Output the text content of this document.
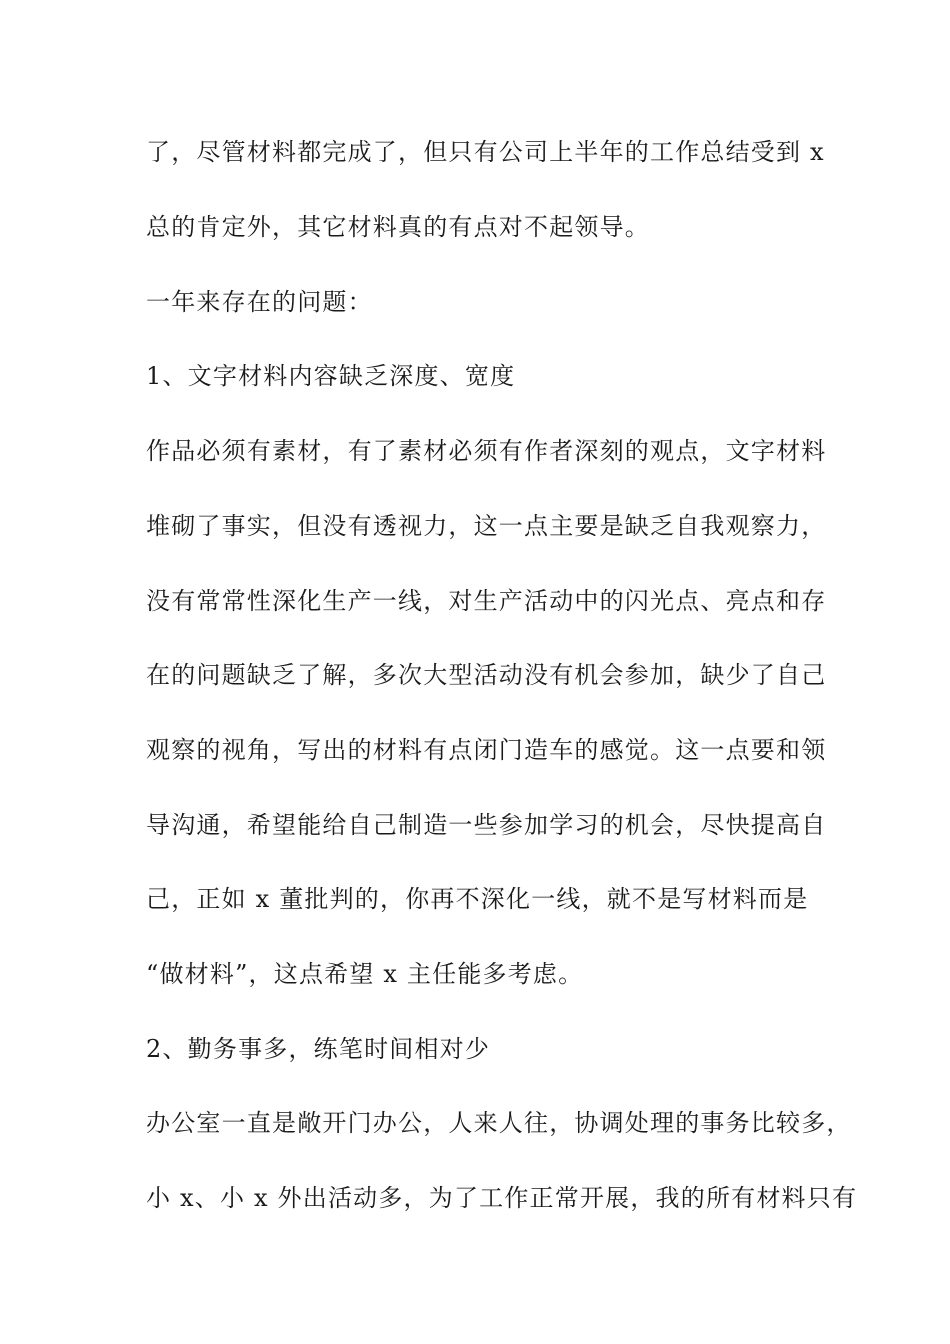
了，尽管材料都完成了，但只有公司上半年的工作总结受到 x
总的肯定外，其它材料真的有点对不起领导。
一年来存在的问题：
1、文字材料内容缺乏深度、宽度
作品必须有素材，有了素材必须有作者深刻的观点，文字材料
堆砌了事实，但没有透视力，这一点主要是缺乏自我观察力，
没有常常性深化生产一线，对生产活动中的闪光点、亮点和存
在的问题缺乏了解，多次大型活动没有机会参加，缺少了自己
观察的视角，写出的材料有点闭门造车的感觉。这一点要和领
导沟通，希望能给自己制造一些参加学习的机会，尽快提高自
己，正如 x 董批判的，你再不深化一线，就不是写材料而是
“做材料”，这点希望 x 主任能多考虑。
2、勤务事多，练笔时间相对少
办公室一直是敞开门办公，人来人往，协调处理的事务比较多，
小 x、小 x 外出活动多，为了工作正常开展，我的所有材料只有
